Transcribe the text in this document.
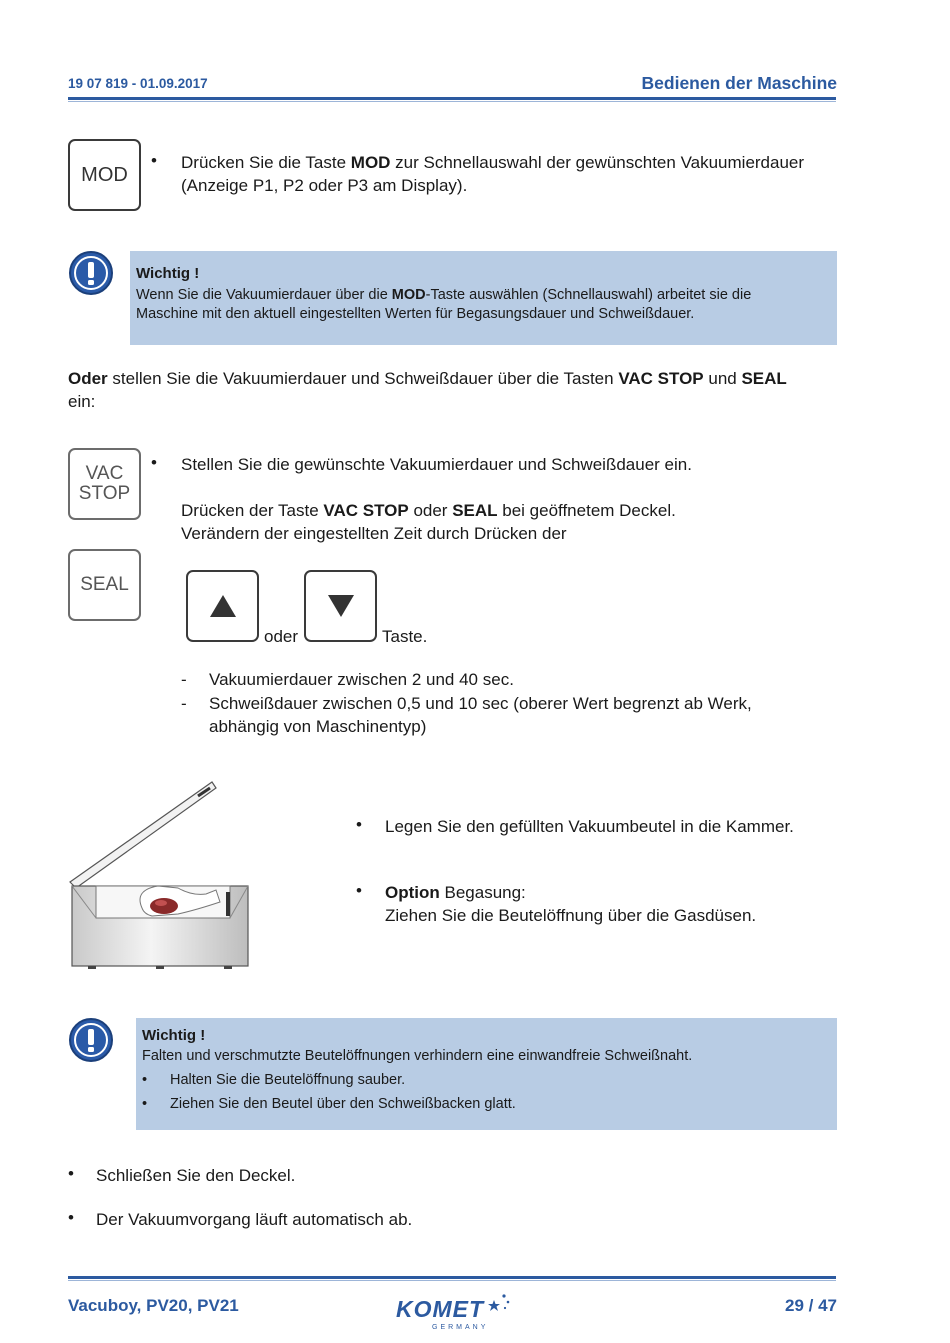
19 07 819 - 01.09.2017	Bedienen der Maschine
MOD
• Drücken Sie die Taste MOD zur Schnellauswahl der gewünschten Vakuumierdauer
(Anzeige P1, P2 oder P3 am Display).
Wichtig !
Wenn Sie die Vakuumierdauer über die MOD-Taste auswählen (Schnellauswahl) arbeitet sie die
Maschine mit den aktuell eingestellten Werten für Begasungsdauer und Schweißdauer.
Oder stellen Sie die Vakuumierdauer und Schweißdauer über die Tasten VAC STOP und SEAL
ein:
VAC
STOP
SEAL
• Stellen Sie die gewünschte Vakuumierdauer und Schweißdauer ein.
Drücken der Taste VAC STOP oder SEAL bei geöffnetem Deckel.
Verändern der eingestellten Zeit durch Drücken der
oder	Taste.
- Vakuumierdauer zwischen 2 und 40 sec.
- Schweißdauer zwischen 0,5 und 10 sec (oberer Wert begrenzt ab Werk,
abhängig von Maschinentyp)
• Legen Sie den gefüllten Vakuumbeutel in die Kammer.
• Option Begasung:
Ziehen Sie die Beutelöffnung über die Gasdüsen.
Wichtig !
Falten und verschmutzte Beutelöffnungen verhindern eine einwandfreie Schweißnaht.
• Halten Sie die Beutelöffnung sauber.
• Ziehen Sie den Beutel über den Schweißbacken glatt.
• Schließen Sie den Deckel.
• Der Vakuumvorgang läuft automatisch ab.
Vacuboy, PV20, PV21	KOMET
GERMANY
29 / 47
